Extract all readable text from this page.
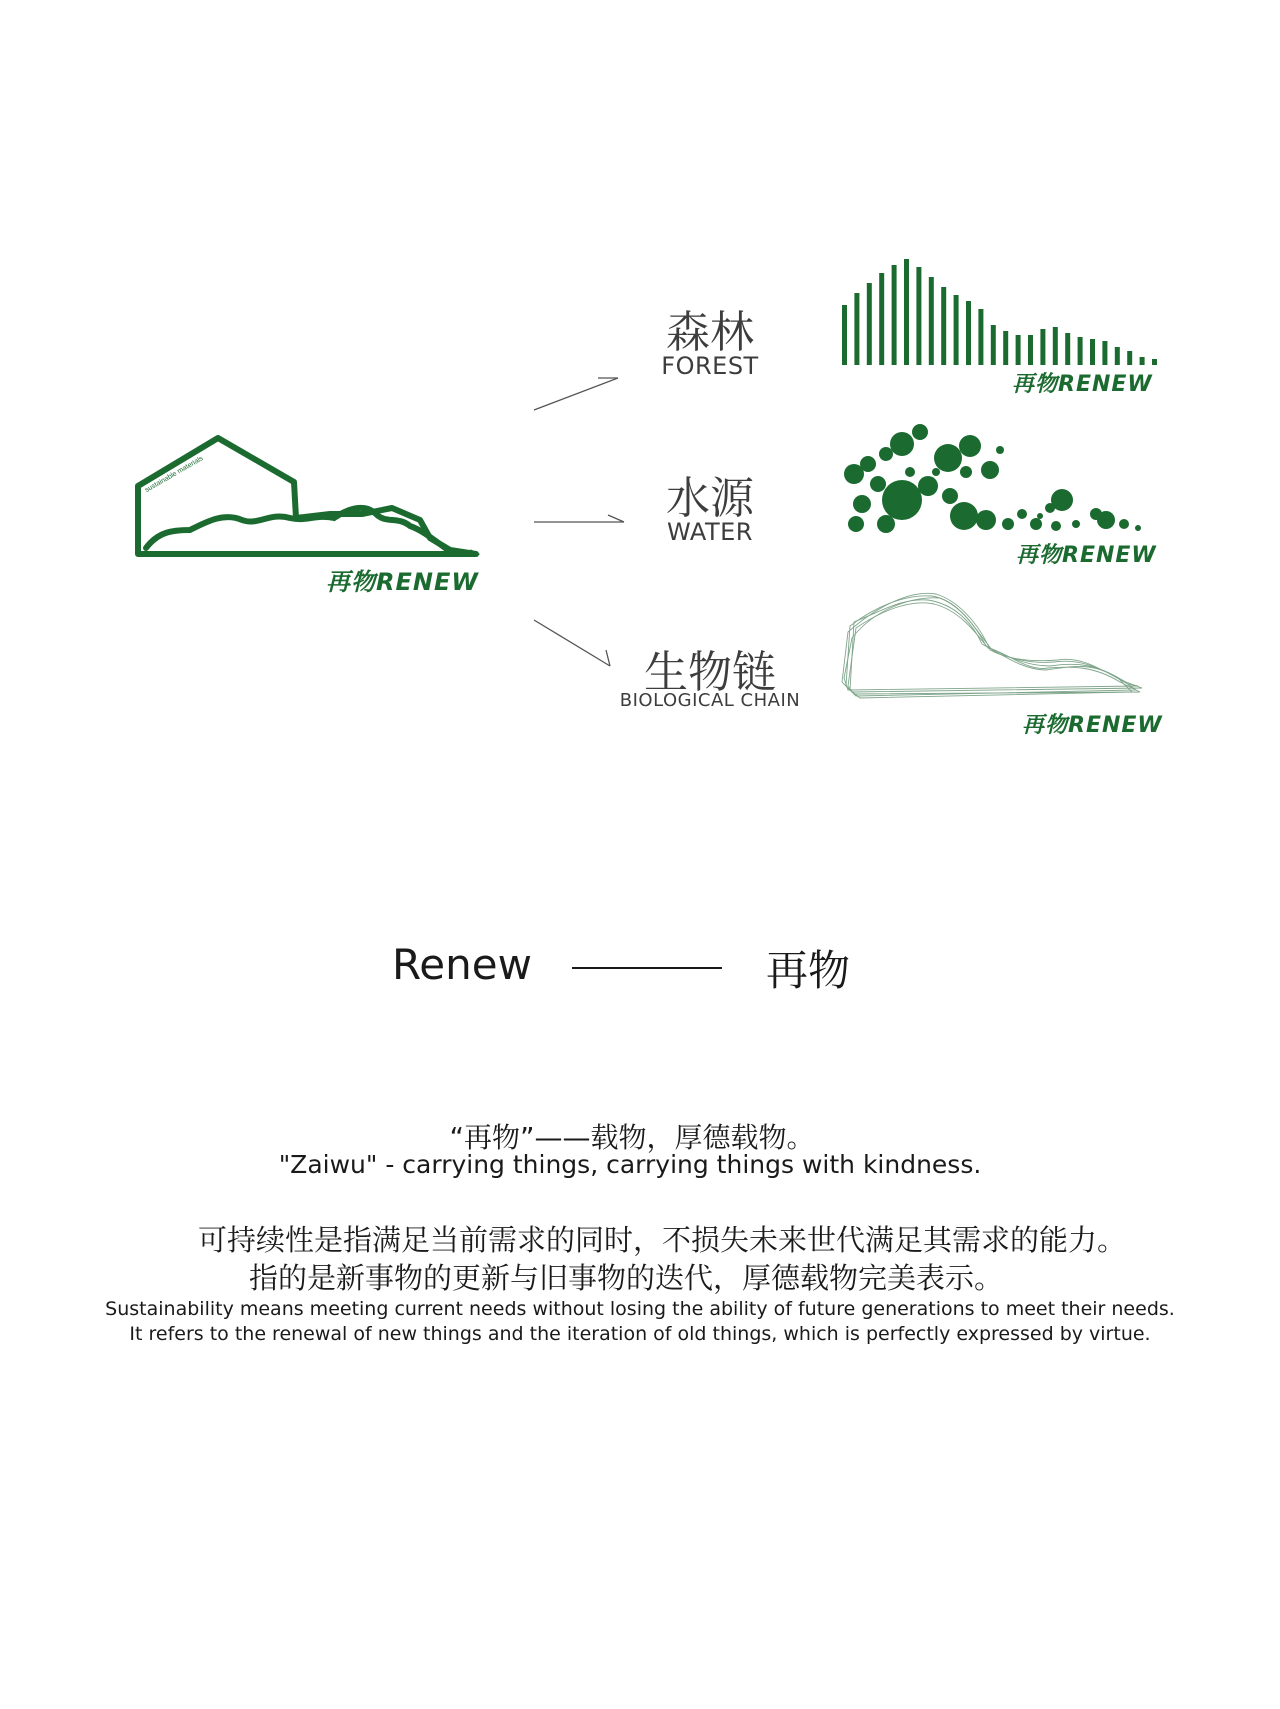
sustainable materials
再物RENEW
森林
FOREST
水源
WATER
生物链
BIOLOGICAL CHAIN
再物RENEW
再物RENEW
再物RENEW
Renew	再物
“再物”——载物，厚德载物。
"Zaiwu" - carrying things, carrying things with kindness.
可持续性是指满足当前需求的同时，不损失未来世代满足其需求的能力。
指的是新事物的更新与旧事物的迭代，厚德载物完美表示。
Sustainability means meeting current needs without losing the ability of future generations to meet their needs.
It refers to the renewal of new things and the iteration of old things, which is perfectly expressed by virtue.
